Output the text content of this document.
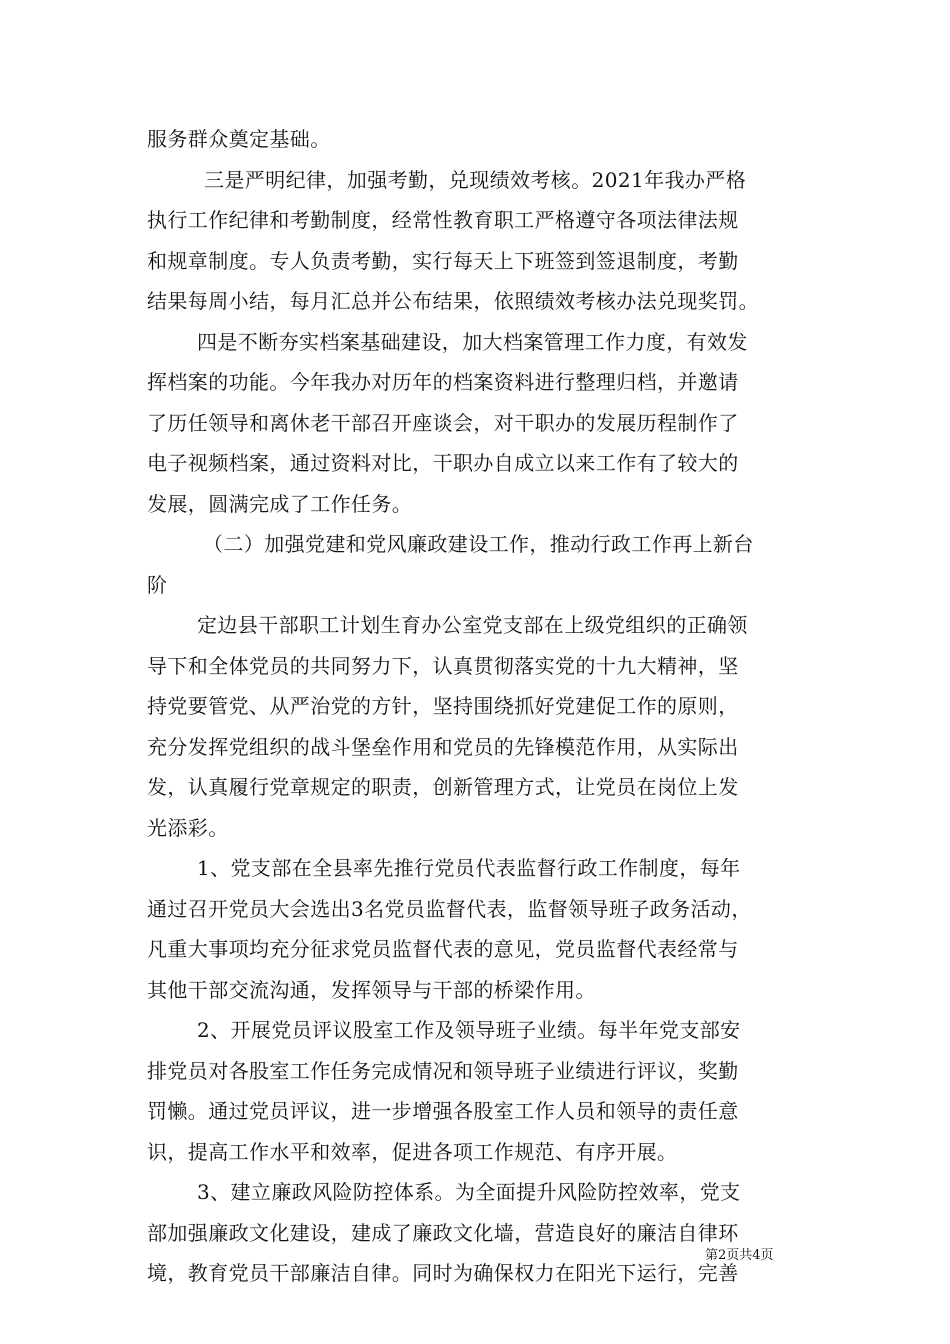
服务群众奠定基础。
三是严明纪律，加强考勤，兑现绩效考核。2021年我办严格
执行工作纪律和考勤制度，经常性教育职工严格遵守各项法律法规
和规章制度。专人负责考勤，实行每天上下班签到签退制度，考勤
结果每周小结，每月汇总并公布结果，依照绩效考核办法兑现奖罚。
四是不断夯实档案基础建设，加大档案管理工作力度，有效发
挥档案的功能。今年我办对历年的档案资料进行整理归档，并邀请
了历任领导和离休老干部召开座谈会，对干职办的发展历程制作了
电子视频档案，通过资料对比，干职办自成立以来工作有了较大的
发展，圆满完成了工作任务。
（二）加强党建和党风廉政建设工作，推动行政工作再上新台
阶
定边县干部职工计划生育办公室党支部在上级党组织的正确领
导下和全体党员的共同努力下，认真贯彻落实党的十九大精神，坚
持党要管党、从严治党的方针，坚持围绕抓好党建促工作的原则，
充分发挥党组织的战斗堡垒作用和党员的先锋模范作用，从实际出
发，认真履行党章规定的职责，创新管理方式，让党员在岗位上发
光添彩。
1、党支部在全县率先推行党员代表监督行政工作制度，每年
通过召开党员大会选出3名党员监督代表，监督领导班子政务活动，
凡重大事项均充分征求党员监督代表的意见，党员监督代表经常与
其他干部交流沟通，发挥领导与干部的桥梁作用。
2、开展党员评议股室工作及领导班子业绩。每半年党支部安
排党员对各股室工作任务完成情况和领导班子业绩进行评议，奖勤
罚懒。通过党员评议，进一步增强各股室工作人员和领导的责任意
识，提高工作水平和效率，促进各项工作规范、有序开展。
3、建立廉政风险防控体系。为全面提升风险防控效率，党支
部加强廉政文化建设，建成了廉政文化墙，营造良好的廉洁自律环
境，教育党员干部廉洁自律。同时为确保权力在阳光下运行，完善
第2页共4页
